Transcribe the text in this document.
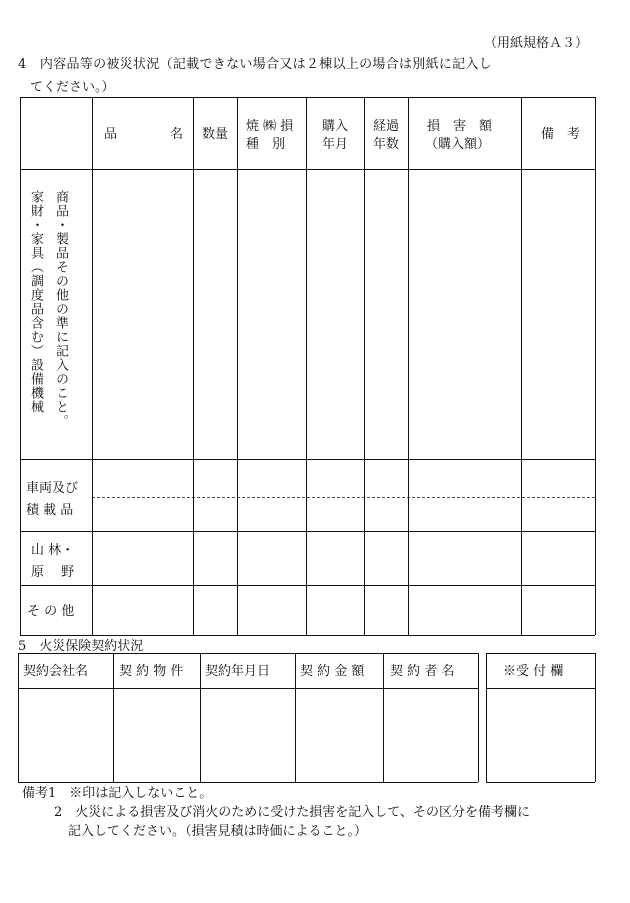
（用紙規格Ａ３）
4　内容品等の被災状況（記載できない場合又は２棟以上の場合は別紙に記入し
てください。）
品	名 数量
焼 ㈱ 損
種　別
購入
年月
経過
年数
損　害　額
（購入額）
備　考
家財・家具（調度品含む）設備機械 商品・製品その他の準に記入のこと。
車両及び
積 載 品
山 林・
原　 野
そ の 他
5　火災保険契約状況
契約会社名 契 約 物 件 契約年月日 契 約 金 額 契 約 者 名	※受 付 欄
備考1　※印は記入しないこと。
2　火災による損害及び消火のために受けた損害を記入して、その区分を備考欄に
記入してください。（損害見積は時価によること。）
